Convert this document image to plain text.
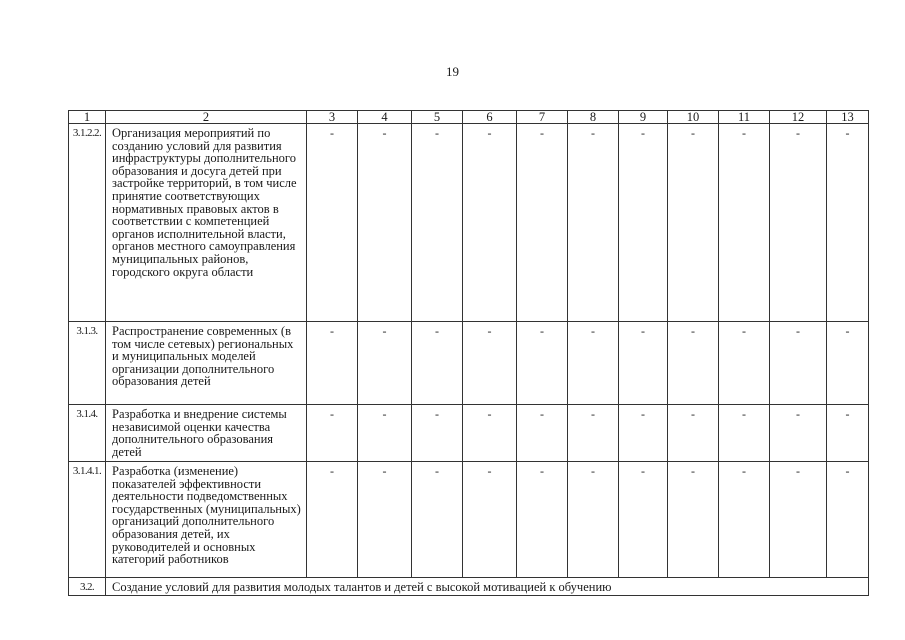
19
1	2	3	4	5	6	7	8	9	10	11	12	13
3.1.2.2.	Организация мероприятий по созданию условий для развития инфраструктуры дополнительного образования и досуга детей при застройке территорий, в том числе принятие соответствующих нормативных правовых актов в соответствии с компетенцией органов исполнительной власти, органов местного самоуправления муниципальных районов, городского округа области	-	-	-	-	-	-	-	-	-	-	-
3.1.3.	Распространение современных (в том числе сетевых) региональных и муниципальных моделей организации дополнительного образования детей	-	-	-	-	-	-	-	-	-	-	-
3.1.4.	Разработка и внедрение системы независимой оценки качества дополнительного образования детей	-	-	-	-	-	-	-	-	-	-	-
3.1.4.1.	Разработка (изменение) показателей эффективности деятельности подведомственных государственных (муниципальных) организаций дополнительного образования детей, их руководителей и основных категорий работников	-	-	-	-	-	-	-	-	-	-	-
3.2.	Создание условий для развития молодых талантов и детей с высокой мотивацией к обучению											
